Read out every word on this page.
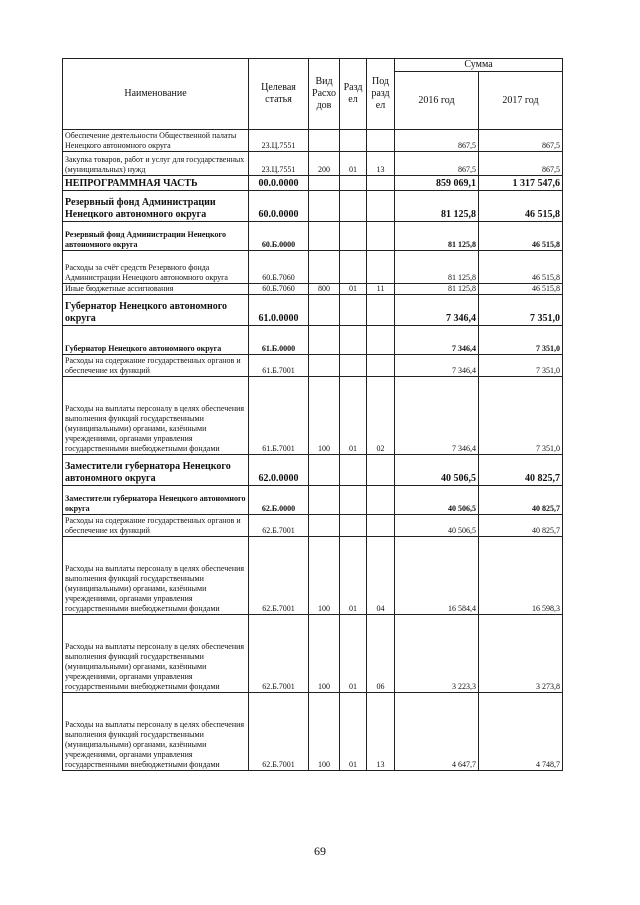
Наименование	Целевая статья	Вид Расхо дов	Разд ел	Под разд ел	Сумма	
					2016 год	2017 год
Обеспечение деятельности Общественной палаты Ненецкого автономного округа	23.Ц.7551				867,5	867,5
Закупка товаров, работ и услуг для государственных (муниципальных) нужд	23.Ц.7551	200	01	13	867,5	867,5
НЕПРОГРАММНАЯ ЧАСТЬ	00.0.0000				859 069,1	1 317 547,6
Резервный фонд Администрации Ненецкого автономного округа	60.0.0000				81 125,8	46 515,8
Резервный фонд Администрации Ненецкого автономного округа	60.Б.0000				81 125,8	46 515,8
Расходы за счёт средств Резервного фонда Администрации Ненецкого автономного округа	60.Б.7060				81 125,8	46 515,8
Иные бюджетные ассигнования	60.Б.7060	800	01	11	81 125,8	46 515,8
Губернатор Ненецкого автономного округа	61.0.0000				7 346,4	7 351,0
Губернатор Ненецкого автономного округа	61.Б.0000				7 346,4	7 351,0
Расходы на содержание государственных органов и обеспечение их функций	61.Б.7001				7 346,4	7 351,0
Расходы на выплаты персоналу в целях обеспечения выполнения функций государственными (муниципальными) органами, казёнными учреждениями, органами управления государственными внебюджетными фондами	61.Б.7001	100	01	02	7 346,4	7 351,0
Заместители губернатора Ненецкого автономного округа	62.0.0000				40 506,5	40 825,7
Заместители губернатора Ненецкого автономного округа	62.Б.0000				40 506,5	40 825,7
Расходы на содержание государственных органов и обеспечение их функций	62.Б.7001				40 506,5	40 825,7
Расходы на выплаты персоналу в целях обеспечения выполнения функций государственными (муниципальными) органами, казёнными учреждениями, органами управления государственными внебюджетными фондами	62.Б.7001	100	01	04	16 584,4	16 598,3
Расходы на выплаты персоналу в целях обеспечения выполнения функций государственными (муниципальными) органами, казёнными учреждениями, органами управления государственными внебюджетными фондами	62.Б.7001	100	01	06	3 223,3	3 273,8
Расходы на выплаты персоналу в целях обеспечения выполнения функций государственными (муниципальными) органами, казёнными учреждениями, органами управления государственными внебюджетными фондами	62.Б.7001	100	01	13	4 647,7	4 748,7
69
